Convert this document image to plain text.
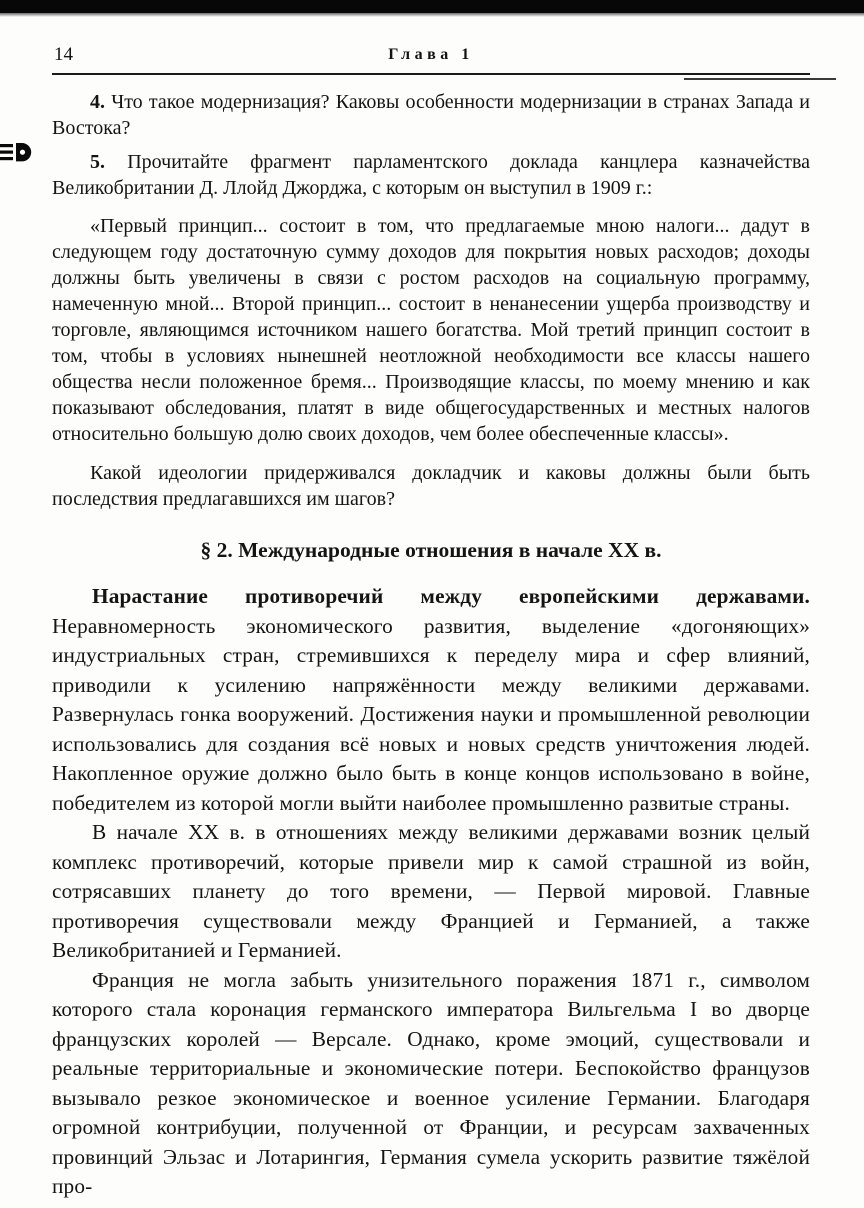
14	Глава 1

4. Что такое модернизация? Каковы особенности модернизации в странах Запада и Востока?

5. Прочитайте фрагмент парламентского доклада канцлера казначейства Великобритании Д. Ллойд Джорджа, с которым он выступил в 1909 г.:

«Первый принцип... состоит в том, что предлагаемые мною налоги... дадут в следующем году достаточную сумму доходов для покрытия новых расходов; доходы должны быть увеличены в связи с ростом расходов на социальную программу, намеченную мной... Второй принцип... состоит в ненанесении ущерба производству и торговле, являющимся источником нашего богатства. Мой третий принцип состоит в том, чтобы в условиях нынешней неотложной необходимости все классы нашего общества несли положенное бремя... Производящие классы, по моему мнению и как показывают обследования, платят в виде общегосударственных и местных налогов относительно большую долю своих доходов, чем более обеспеченные классы».

Какой идеологии придерживался докладчик и каковы должны были быть последствия предлагавшихся им шагов?

§ 2. Международные отношения в начале XX в.

Нарастание противоречий между европейскими державами. Неравномерность экономического развития, выделение «догоняющих» индустриальных стран, стремившихся к переделу мира и сфер влияний, приводили к усилению напряжённости между великими державами. Развернулась гонка вооружений. Достижения науки и промышленной революции использовались для создания всё новых и новых средств уничтожения людей. Накопленное оружие должно было быть в конце концов использовано в войне, победителем из которой могли выйти наиболее промышленно развитые страны.

В начале XX в. в отношениях между великими державами возник целый комплекс противоречий, которые привели мир к самой страшной из войн, сотрясавших планету до того времени, — Первой мировой. Главные противоречия существовали между Францией и Германией, а также Великобританией и Германией.

Франция не могла забыть унизительного поражения 1871 г., символом которого стала коронация германского императора Вильгельма I во дворце французских королей — Версале. Однако, кроме эмоций, существовали и реальные территориальные и экономические потери. Беспокойство французов вызывало резкое экономическое и военное усиление Германии. Благодаря огромной контрибуции, полученной от Франции, и ресурсам захваченных провинций Эльзас и Лотарингия, Германия сумела ускорить развитие тяжёлой про-
